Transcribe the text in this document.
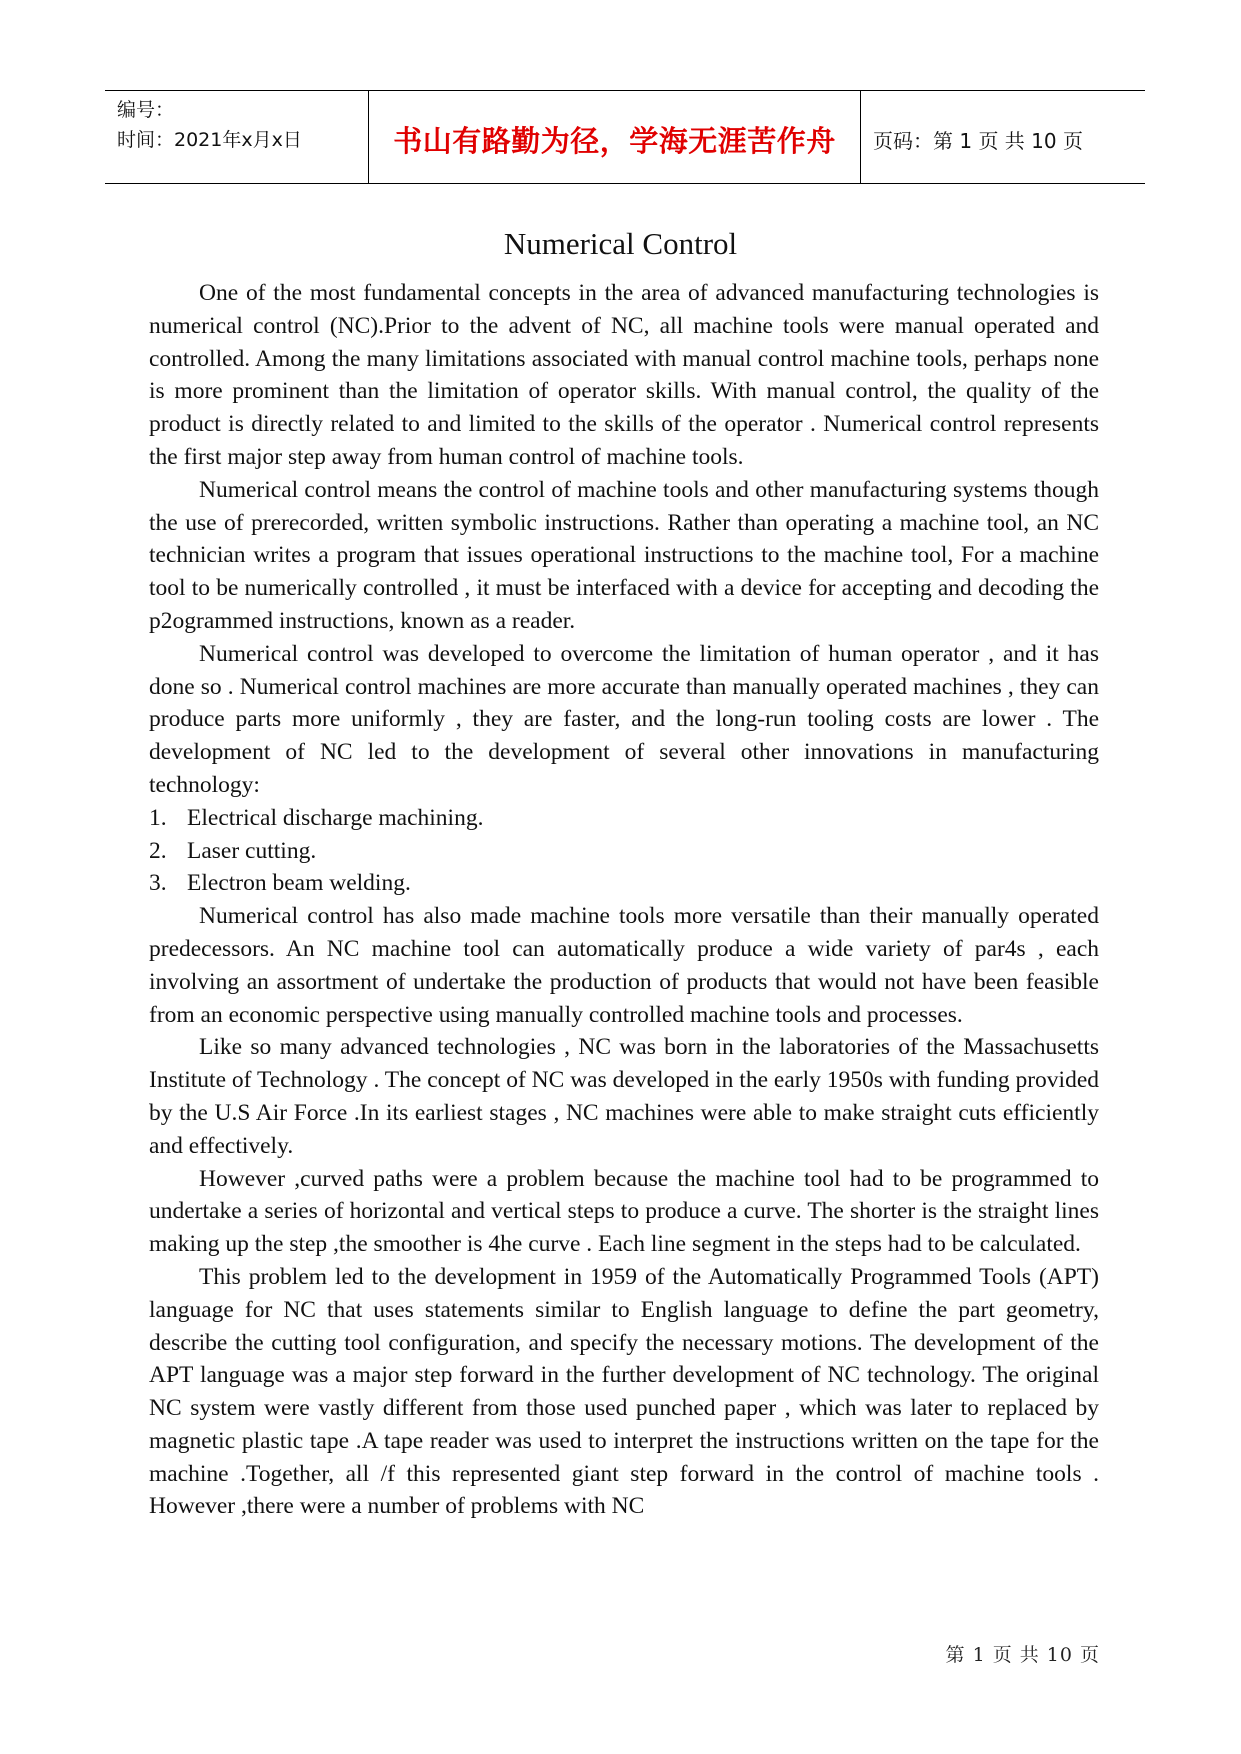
编号：
时间：2021年x月x日	书山有路勤为径，学海无涯苦作舟	页码：第 1 页 共 10 页
Numerical Control

One of the most fundamental concepts in the area of advanced manufacturing technologies is numerical control (NC).Prior to the advent of NC, all machine tools were manual operated and controlled. Among the many limitations associated with manual control machine tools, perhaps none is more prominent than the limitation of operator skills. With manual control, the quality of the product is directly related to and limited to the skills of the operator . Numerical control represents the first major step away from human control of machine tools.

Numerical control means the control of machine tools and other manufacturing systems though the use of prerecorded, written symbolic instructions. Rather than operating a machine tool, an NC technician writes a program that issues operational instructions to the machine tool, For a machine tool to be numerically controlled , it must be interfaced with a device for accepting and decoding the p2ogrammed instructions, known as a reader.

Numerical control was developed to overcome the limitation of human operator , and it has done so . Numerical control machines are more accurate than manually operated machines , they can produce parts more uniformly , they are faster, and the long-run tooling costs are lower . The development of NC led to the development of several other innovations in manufacturing technology:

1. Electrical discharge machining.
2. Laser cutting.
3. Electron beam welding.

Numerical control has also made machine tools more versatile than their manually operated predecessors. An NC machine tool can automatically produce a wide variety of par4s , each involving an assortment of undertake the production of products that would not have been feasible from an economic perspective using manually controlled machine tools and processes.

Like so many advanced technologies , NC was born in the laboratories of the Massachusetts Institute of Technology . The concept of NC was developed in the early 1950s with funding provided by the U.S Air Force .In its earliest stages , NC machines were able to make straight cuts efficiently and effectively.

However ,curved paths were a problem because the machine tool had to be programmed to undertake a series of horizontal and vertical steps to produce a curve. The shorter is the straight lines making up the step ,the smoother is 4he curve . Each line segment in the steps had to be calculated.

This problem led to the development in 1959 of the Automatically Programmed Tools (APT) language for NC that uses statements similar to English language to define the part geometry, describe the cutting tool configuration, and specify the necessary motions. The development of the APT language was a major step forward in the further development of NC technology. The original NC system were vastly different from those used punched paper , which was later to replaced by magnetic plastic tape .A tape reader was used to interpret the instructions written on the tape for the machine .Together, all /f this represented giant step forward in the control of machine tools . However ,there were a number of problems with NC

第 1 页 共 10 页
